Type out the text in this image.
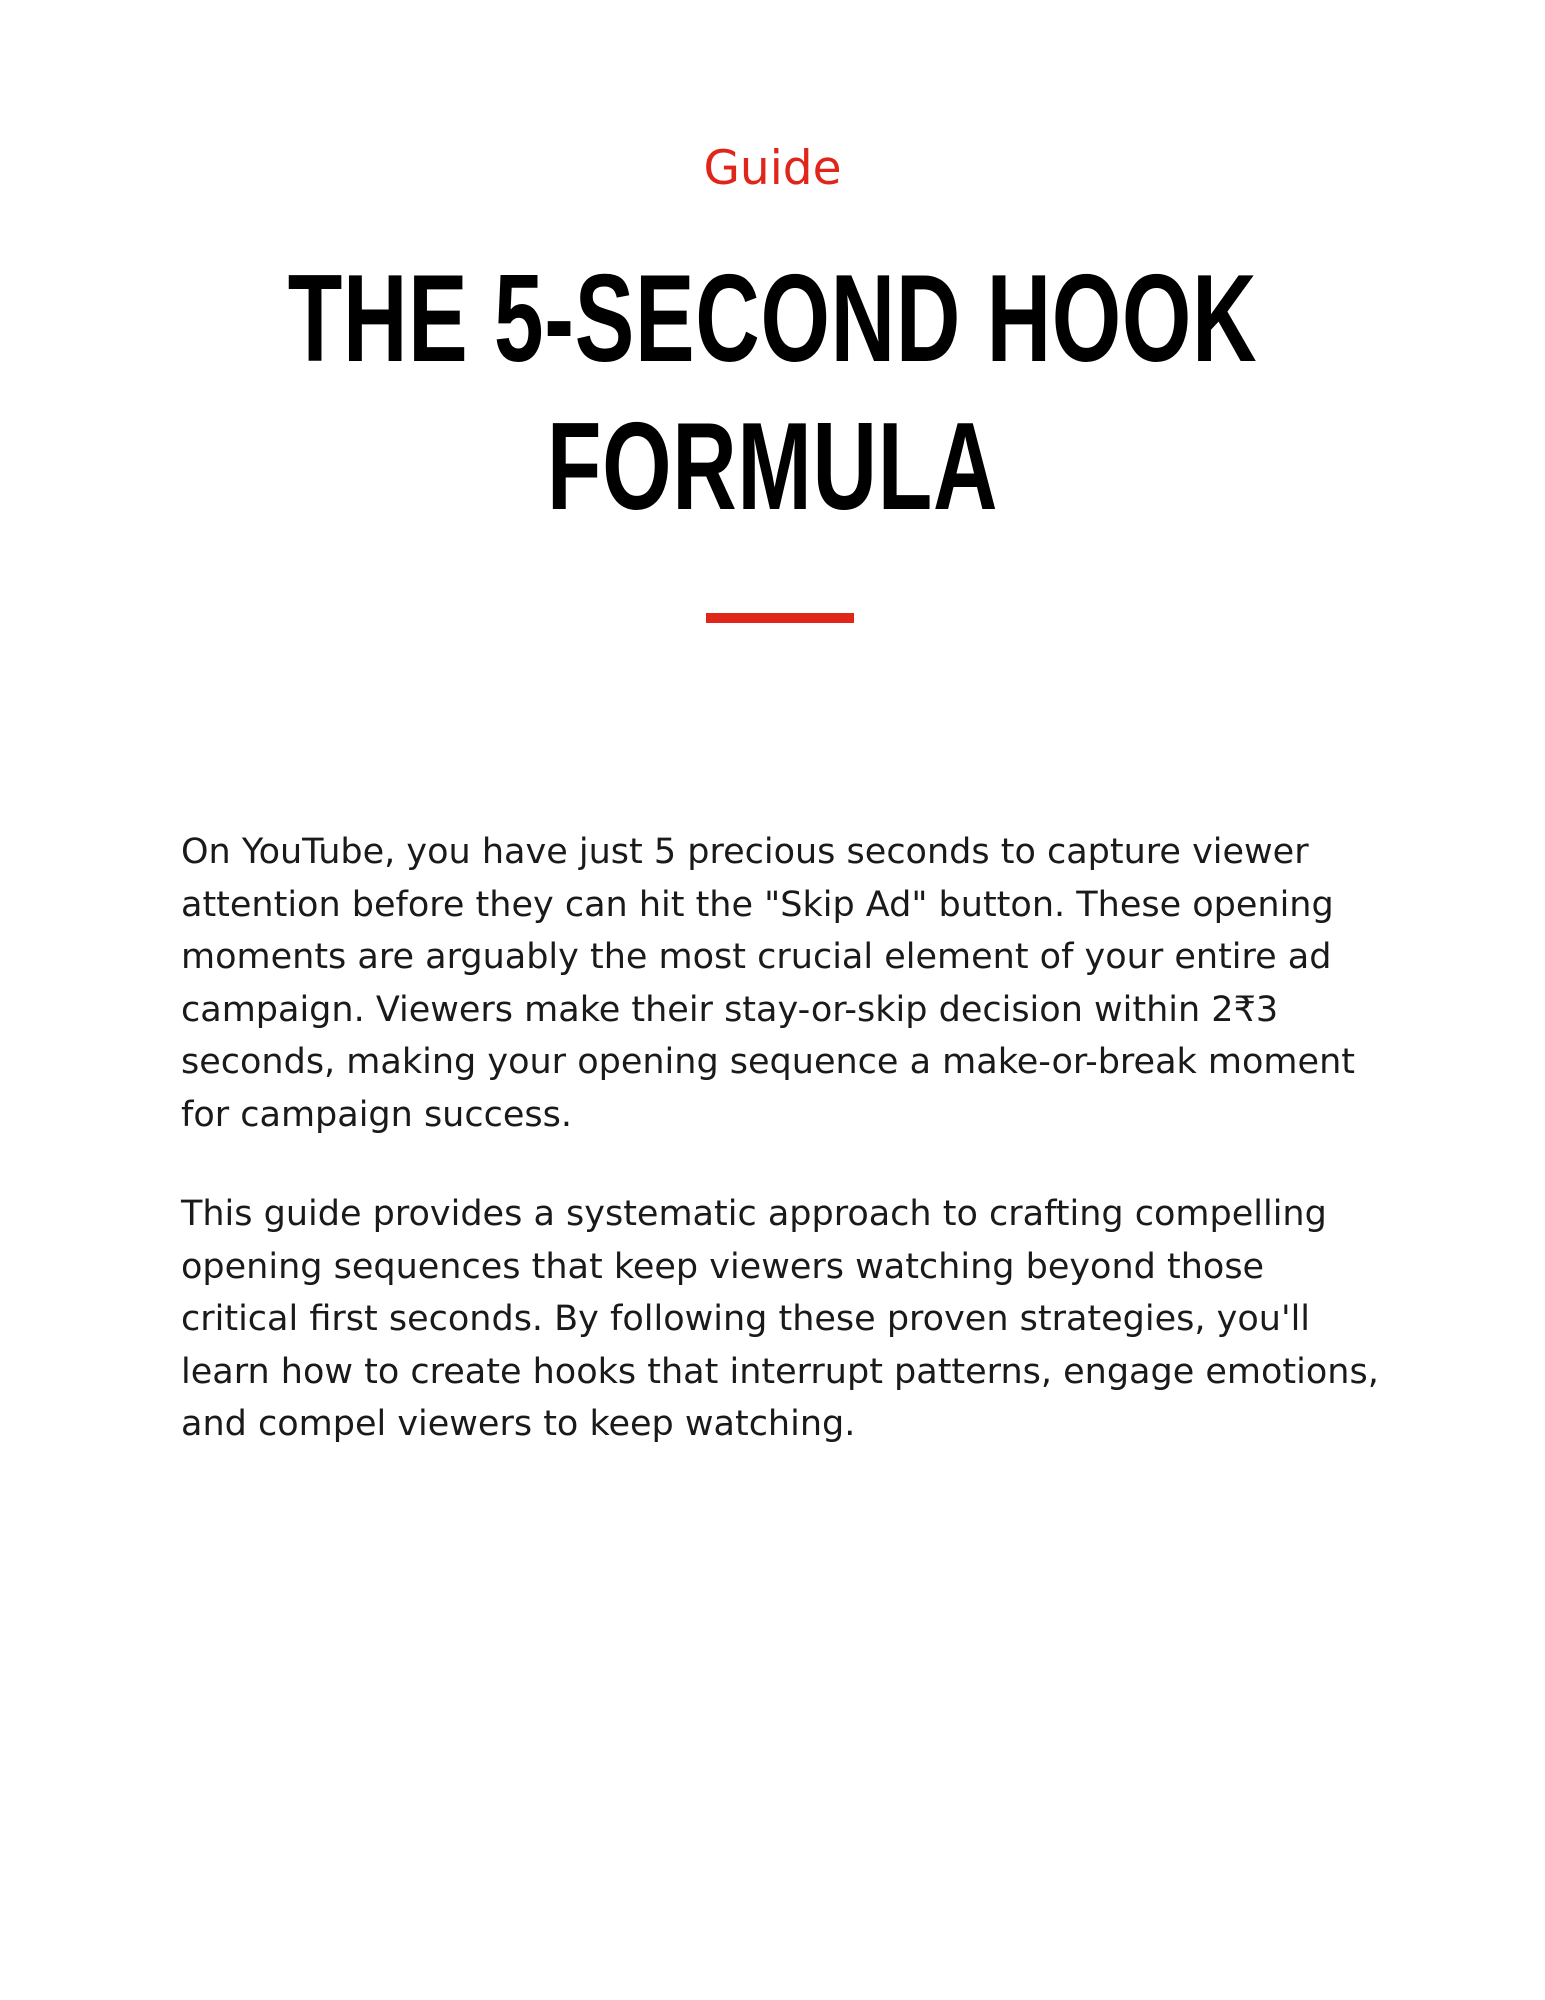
Guide

THE 5-SECOND HOOK FORMULA

On YouTube, you have just 5 precious seconds to capture viewer attention before they can hit the "Skip Ad" button. These opening moments are arguably the most crucial element of your entire ad campaign. Viewers make their stay-or-skip decision within 2₹3 seconds, making your opening sequence a make-or-break moment for campaign success.

This guide provides a systematic approach to crafting compelling opening sequences that keep viewers watching beyond those critical first seconds. By following these proven strategies, you'll learn how to create hooks that interrupt patterns, engage emotions, and compel viewers to keep watching.
